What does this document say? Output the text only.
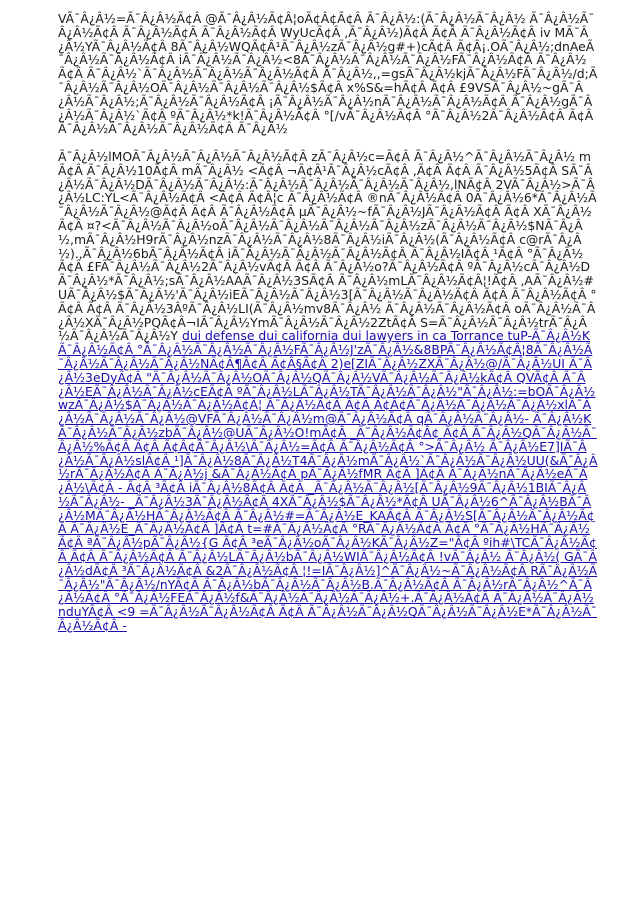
VÃ¯Â¿Â½=Ã¯Â¿Â½Ã¢Â @Ã¯Â¿Â½Ã¢Â¦oÃ¢Â¢Ã¢Â Ã¯Â¿Â½:(Ã¯Â¿Â½Ã¯Â¿Â½ Ã¯Â¿Â½Ã¯Â¿Â½Ã¢Â Ã¯Â¿Â½Ã¢Â Ã¯Â¿Â½Ã¢Â WyUcÃ¢Â ,Ã¯Â¿Â½)Ã¢Â Ã¢Â Ã¯Â¿Â½Ã¢Â iv MÃ¯Â¿Â½YÃ¯Â¿Â½Ã¢Â 8Ã¯Â¿Â½WQÃ¢Â¹Ã¯Â¿Â½zÃ¯Â¿Â½g#+)cÃ¢Â Ã¢Â¡.OÃ¯Â¿Â½;dnAeÃ¯Â¿Â½Ã¯Â¿Â½Ã¢Â iÃ¯Â¿Â½Ã¯Â¿Â½<8Ã¯Â¿Â½Ã¯Â¿Â½Ã¯Â¿Â½FÃ¯Â¿Â½Ã¢Â Ã¯Â¿Â½Ã¢Â Ã¯Â¿Â½`Ã¯Â¿Â½Ã¯Â¿Â½Ã¯Â¿Â½Ã¢Â Ã¯Â¿Â½,,=gsÃ¯Â¿Â½kjÃ¯Â¿Â½FÃ¯Â¿Â½/d;Ã¯Â¿Â½Ã¯Â¿Â½OÃ¯Â¿Â½Ã¯Â¿Â½Ã¯Â¿Â½$Ã¢Â x%S&=hÃ¢Â Ã¢Â £9VSÃ¯Â¿Â½~gÃ¯Â¿Â½Ã¯Â¿Â½;Ã¯Â¿Â½Ã¯Â¿Â½Ã¢Â ¡Ã¯Â¿Â½Ã¯Â¿Â½nÃ¯Â¿Â½Ã¯Â¿Â½Ã¢Â Ã¯Â¿Â½gÃ¯Â¿Â½Ã¯Â¿Â½`Ã¢Â ºÃ¯Â¿Â½*k!Ã¯Â¿Â½Ã¢Â °[/vÃ¯Â¿Â½Ã¢Â °Ã¯Â¿Â½2Ã¯Â¿Â½Ã¢Â Ã¢Â Ã¯Â¿Â½Ã¯Â¿Â½Ã¯Â¿Â½Ã¢Â Ã¯Â¿Â½

Ã¯Â¿Â½lMOÃ¯Â¿Â½Ã¯Â¿Â½Ã¯Â¿Â½Ã¢Â zÃ¯Â¿Â½c=Ã¢Â Ã¯Â¿Â½^Ã¯Â¿Â½Ã¯Â¿Â½ mÃ¢Â Ã¯Â¿Â½10Ã¢Â mÃ¯Â¿Â½ <Ã¢Â ¬Ã¢Â¹Ã¯Â¿Â½cÃ¢Â ,Ã¢Â Ã¢Â Ã¯Â¿Â½5Ã¢Â SÃ¯Â¿Â½Ã¯Â¿Â½DÃ¯Â¿Â½Ã¯Â¿Â½:Ã¯Â¿Â½Ã¯Â¿Â½Ã¯Â¿Â½Ã¯Â¿Â½,lNÃ¢Â 2VÃ¯Â¿Â½>Ã¯Â¿Â½LC:YL<Ã¯Â¿Â½Ã¢Â <Ã¢Â Ã¢Â¦c Ã¯Â¿Â½Ã¢Â ®nÃ¯Â¿Â½Ã¢Â 0Ã¯Â¿Â½6*Ã¯Â¿Â½Ã¯Â¿Â½Ã¯Â¿Â½@Ã¢Â Ã¢Â Ã¯Â¿Â½Ã¢Â µÃ¯Â¿Â½~fÃ¯Â¿Â½JÃ¯Â¿Â½Ã¢Â Ã¢Â XÃ¯Â¿Â½Ã¢Â ¤?<Ã¯Â¿Â½Ã¯Â¿Â½oÃ¯Â¿Â½Ã¯Â¿Â½Ã¯Â¿Â½Ã¯Â¿Â½zÃ¯Â¿Â½Ã¯Â¿Â½$NÃ¯Â¿Â½,mÃ¯Â¿Â½H9rÃ¯Â¿Â½nzÃ¯Â¿Â½Ã¯Â¿Â½8Ã¯Â¿Â½iÃ¯Â¿Â½(Ã¯Â¿Â½Ã¢Â c@rÃ¯Â¿Â½).,Ã¯Â¿Â½6bÃ¯Â¿Â½Ã¢Â iÃ¯Â¿Â½Ã¯Â¿Â½Ã¯Â¿Â½Ã¢Â Ã¯Â¿Â½IÃ¢Â ¹Ã¢Â °Ã¯Â¿Â½Ã¢Â £FÃ¯Â¿Â½Ã¯Â¿Â½2Ã¯Â¿Â½vÃ¢Â Ã¢Â Ã¯Â¿Â½o?Ã¯Â¿Â½Ã¢Â ºÃ¯Â¿Â½cÃ¯Â¿Â½DÃ¯Â¿Â½*Ã¯Â¿Â½;sÃ¯Â¿Â½AAÃ¯Â¿Â½3SÃ¢Â Ã¯Â¿Â½mLÃ¯Â¿Â½Ã¢Â¦!Ã¢Â ,AÃ¯Â¿Â½#UÃ¯Â¿Â½$Ã¯Â¿Â½'Ã¯Â¿Â½iEÃ¯Â¿Â½Ã¯Â¿Â½3[Ã¯Â¿Â½Ã¯Â¿Â½Ã¢Â Ã¢Â Ã¯Â¿Â½Ã¢Â °Ã¢Â Ã¢Â Ã¯Â¿Â½3ÂºÃ¯Â¿Â½LI(Ã¯Â¿Â½mv8Ã¯Â¿Â½ Ã¯Â¿Â½Ã¯Â¿Â½Ã¢Â oÃ¯Â¿Â½Ã¯Â¿Â½XÃ¯Â¿Â½PQÃ¢Â¬IÃ¯Â¿Â½YmÃ¯Â¿Â½Ã¯Â¿Â½2ZtÃ¢Â S=Ã¯Â¿Â½Ã¯Â¿Â½trÃ¯Â¿Â½Ã¯Â¿Â½Ã¯Â¿Â½Y dui defense dui california dui lawyers in ca Torrance tuP-Ã¯Â¿Â½KÃ¯Â¿Â½Ã¢Â °Ã¯Â¿Â½Ã¯Â¿Â½Ã¯Â¿Â½FÃ¯Â¿Â½J'zÃ¯Â¿Â½&8BPÃ¯Â¿Â½Ã¢Â¦8Ã¯Â¿Â½Ã¯Â¿Â½Ã¯Â¿Â½Ã¯Â¿Â½NÃ¢Â¶Ã¢Â Ã¢Â§Ã¢Â 2)e[ZIÃ¯Â¿Â½ZXÃ¯Â¿Â½@/Ã¯Â¿Â½UI Ã¯Â¿Â½3eDyÃ¢Â "Ã¯Â¿Â½Ã¯Â¿Â½OÃ¯Â¿Â½QÃ¯Â¿Â½VÃ¯Â¿Â½Ã¯Â¿Â½kÃ¢Â QVÃ¢Â Ã¯Â¿Â½EÃ¯Â¿Â½Ã¯Â¿Â½cEÃ¢Â ºÃ¯Â¿Â½LÃ¯Â¿Â½TÃ¯Â¿Â½Ã¯Â¿Â½"Ã¯Â¿Â½:=bOÃ¯Â¿Â½wzÃ¯Â¿Â½$Ã¯Â¿Â½Ã¯Â¿Â½Ã¢Â¦ Ã¯Â¿Â½Ã¢Â Ã¢Â Ã¢Â¢Ã¯Â¿Â½Ã¯Â¿Â½Ã¯Â¿Â½xlÃ¯Â¿Â½Ã¯Â¿Â½Ã¯Â¿Â½@VFÃ¯Â¿Â½Ã¯Â¿Â½m@Ã¯Â¿Â½Ã¢Â qÃ¯Â¿Â½Ã¯Â¿Â½- Ã¯Â¿Â½KÃ¯Â¿Â½Ã¯Â¿Â½zbÃ¯Â¿Â½@UÃ¯Â¿Â½O!mÃ¢Â _Ã¯Â¿Â½Ã¢Â¢ Ã¢Â Ã¯Â¿Â½QÃ¯Â¿Â½Ã¯Â¿Â½%Ã¢Â Ã¢Â Ã¢Â¢Ã¯Â¿Â½\Ã¯Â¿Â½=Ã¢Â Ã¯Â¿Â½Ã¢Â °>Ã¯Â¿Â½ Ã¯Â¿Â½E7]IÃ¯Â¿Â½Ã¯Â¿Â½slÃ¢Â ¹]Ã¯Â¿Â½8Ã¯Â¿Â½T4Ã¯Â¿Â½mÃ¯Â¿Â½`Ã¯Â¿Â½Ã¯Â¿Â½UU(&Ã¯Â¿Â½rÃ¯Â¿Â½Ã¢Â Ã¯Â¿Â½j &Ã¯Â¿Â½Ã¢Â pÃ¯Â¿Â½fMR Ã¢Â ]Ã¢Â Ã¯Â¿Â½nÃ¯Â¿Â½eÃ¯Â¿Â½\Ã¢Â - Ã¢Â ³Ã¢Â iÃ¯Â¿Â½8Ã¢Â Ã¢Â _Ã¯Â¿Â½Ã¯Â¿Â½[Ã¯Â¿Â½9Ã¯Â¿Â½1BIÃ¯Â¿Â½Ã¯Â¿Â½- _Ã¯Â¿Â½3Ã¯Â¿Â½Ã¢Â 4XÃ¯Â¿Â½$Ã¯Â¿Â½*Ã¢Â UÃ¯Â¿Â½6^Ã¯Â¿Â½BÃ¯Â¿Â½MÃ¯Â¿Â½HÃ¯Â¿Â½Ã¢Â Ã¯Â¿Â½#=Ã¯Â¿Â½E_KAÃ¢Â Ã¯Â¿Â½S[Ã¯Â¿Â½Ã¯Â¿Â½Ã¢Â Ã¯Â¿Â½E_Ã¯Â¿Â½Ã¢Â ]Ã¢Â t=#Ã¯Â¿Â½Ã¢Â °RÃ¯Â¿Â½Ã¢Â Ã¢Â °Ã¯Â¿Â½HÃ¯Â¿Â½Ã¢Â ªÃ¯Â¿Â½pÃ¯Â¿Â½{G Ã¢Â ³eÃ¯Â¿Â½oÃ¯Â¿Â½KÃ¯Â¿Â½Z="Ã¢Â ºih#\TCÃ¯Â¿Â½Ã¢Â Ã¢Â Ã¯Â¿Â½Ã¢Â Ã¯Â¿Â½LÃ¯Â¿Â½bÃ¯Â¿Â½WIÃ¯Â¿Â½Ã¢Â !vÃ¯Â¿Â½ Ã¯Â¿Â½( GÃ¯Â¿Â½dÃ¢Â ³Ã¯Â¿Â½Ã¢Â &2Ã¯Â¿Â½Ã¢Â ¦!=IÃ¯Â¿Â½]^Ã¯Â¿Â½~Ã¯Â¿Â½Ã¢Â RÃ¯Â¿Â½Ã¯Â¿Â½"Ã¯Â¿Â½/nYÃ¢Â Ã¯Â¿Â½bÃ¯Â¿Â½Ã¯Â¿Â½B.Ã¯Â¿Â½Ã¢Â Ã¯Â¿Â½rÃ¯Â¿Â½^Ã¯Â¿Â½Ã¢Â °Ã¯Â¿Â½FEÃ¯Â¿Â½f&Ã¯Â¿Â½Ã¯Â¿Â½Ã¯Â¿Â½+.Ã¯Â¿Â½Ã¢Â Ã¯Â¿Â½Ã¯Â¿Â½nduYÃ¢Â <9 =Ã¯Â¿Â½Ã¯Â¿Â½Ã¢Â Ã¢Â Ã¯Â¿Â½Ã¯Â¿Â½QÃ¯Â¿Â½Ã¯Â¿Â½E*Ã¯Â¿Â½Ã¯Â¿Â½Ã¢Â -
